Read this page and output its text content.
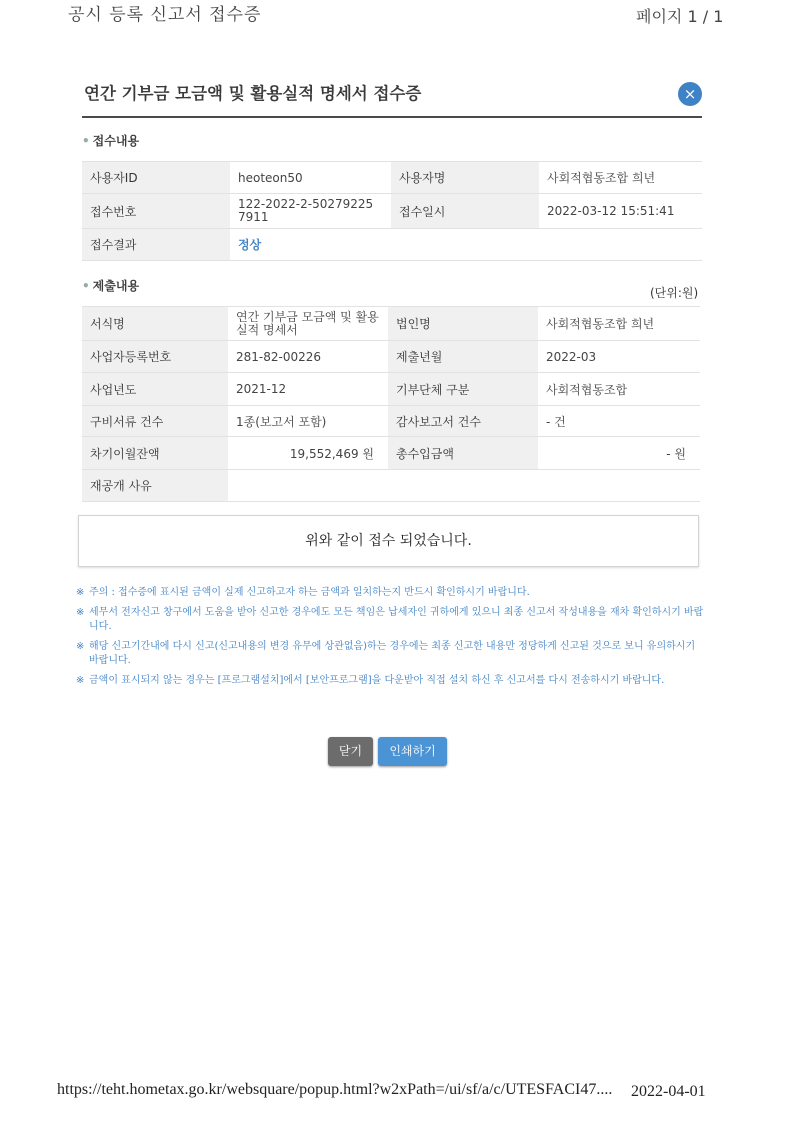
공시 등록 신고서 접수증	페이지 1 / 1
연간 기부금 모금액 및 활용실적 명세서 접수증	×
• 접수내용
사용자ID	heoteon50	사용자명	사회적협동조합 희년
접수번호	122-2022-2-50279225 7911	접수일시	2022-03-12 15:51:41
접수결과	정상		
• 제출내용	(단위:원)
서식명	연간 기부금 모금액 및 활용실적 명세서	법인명	사회적협동조합 희년
사업자등록번호	281-82-00226	제출년월	2022-03
사업년도	2021-12	기부단체 구분	사회적협동조합
구비서류 건수	1종(보고서 포함)	감사보고서 건수	- 건
차기이월잔액	19,552,469 원	총수입금액	- 원
재공개 사유			
위와 같이 접수 되었습니다.
※ 주의 : 접수증에 표시된 금액이 실제 신고하고자 하는 금액과 일치하는지 반드시 확인하시기 바랍니다.
※ 세무서 전자신고 창구에서 도움을 받아 신고한 경우에도 모든 책임은 납세자인 귀하에게 있으니 최종 신고서 작성내용을 재차 확인하시기 바랍니다.
※ 해당 신고기간내에 다시 신고(신고내용의 변경 유무에 상관없음)하는 경우에는 최종 신고한 내용만 정당하게 신고된 것으로 보니 유의하시기 바랍니다.
※ 금액이 표시되지 않는 경우는 [프로그램설치]에서 [보안프로그램]을 다운받아 직접 설치 하신 후 신고서를 다시 전송하시기 바랍니다.
닫기	인쇄하기
https://teht.hometax.go.kr/websquare/popup.html?w2xPath=/ui/sf/a/c/UTESFACI47.... 2022-04-01
